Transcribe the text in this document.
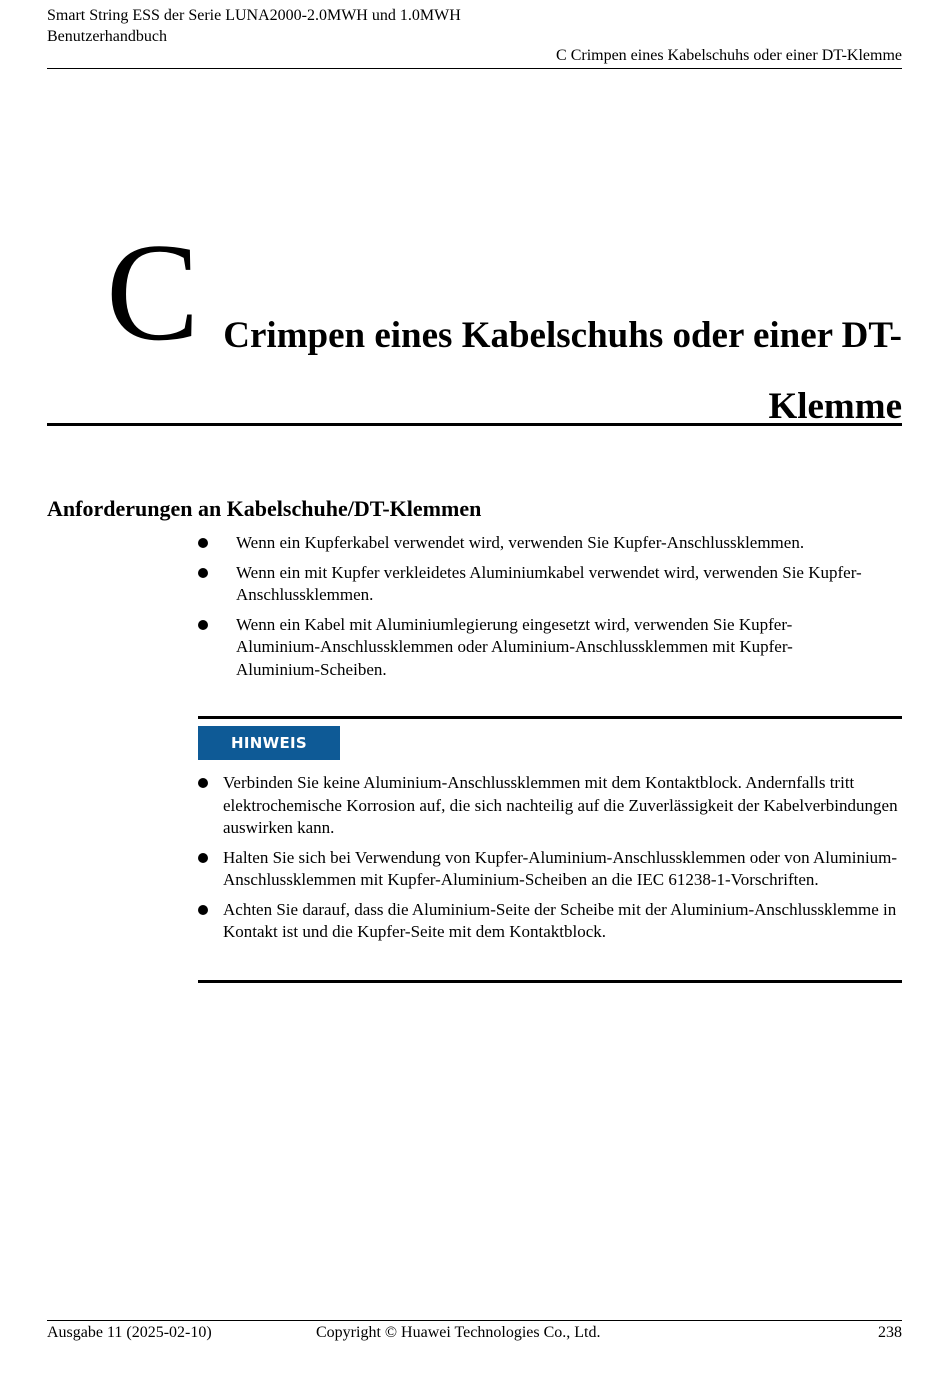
Smart String ESS der Serie LUNA2000-2.0MWH und 1.0MWH
Benutzerhandbuch
C Crimpen eines Kabelschuhs oder einer DT-Klemme
C Crimpen eines Kabelschuhs oder einer DT-Klemme
Anforderungen an Kabelschuhe/DT-Klemmen
Wenn ein Kupferkabel verwendet wird, verwenden Sie Kupfer-Anschlussklemmen.
Wenn ein mit Kupfer verkleidetes Aluminiumkabel verwendet wird, verwenden Sie Kupfer-Anschlussklemmen.
Wenn ein Kabel mit Aluminiumlegierung eingesetzt wird, verwenden Sie Kupfer-Aluminium-Anschlussklemmen oder Aluminium-Anschlussklemmen mit Kupfer-Aluminium-Scheiben.
HINWEIS
Verbinden Sie keine Aluminium-Anschlussklemmen mit dem Kontaktblock. Andernfalls tritt elektrochemische Korrosion auf, die sich nachteilig auf die Zuverlässigkeit der Kabelverbindungen auswirken kann.
Halten Sie sich bei Verwendung von Kupfer-Aluminium-Anschlussklemmen oder von Aluminium-Anschlussklemmen mit Kupfer-Aluminium-Scheiben an die IEC 61238-1-Vorschriften.
Achten Sie darauf, dass die Aluminium-Seite der Scheibe mit der Aluminium-Anschlussklemme in Kontakt ist und die Kupfer-Seite mit dem Kontaktblock.
Ausgabe 11 (2025-02-10)	Copyright © Huawei Technologies Co., Ltd.	238
